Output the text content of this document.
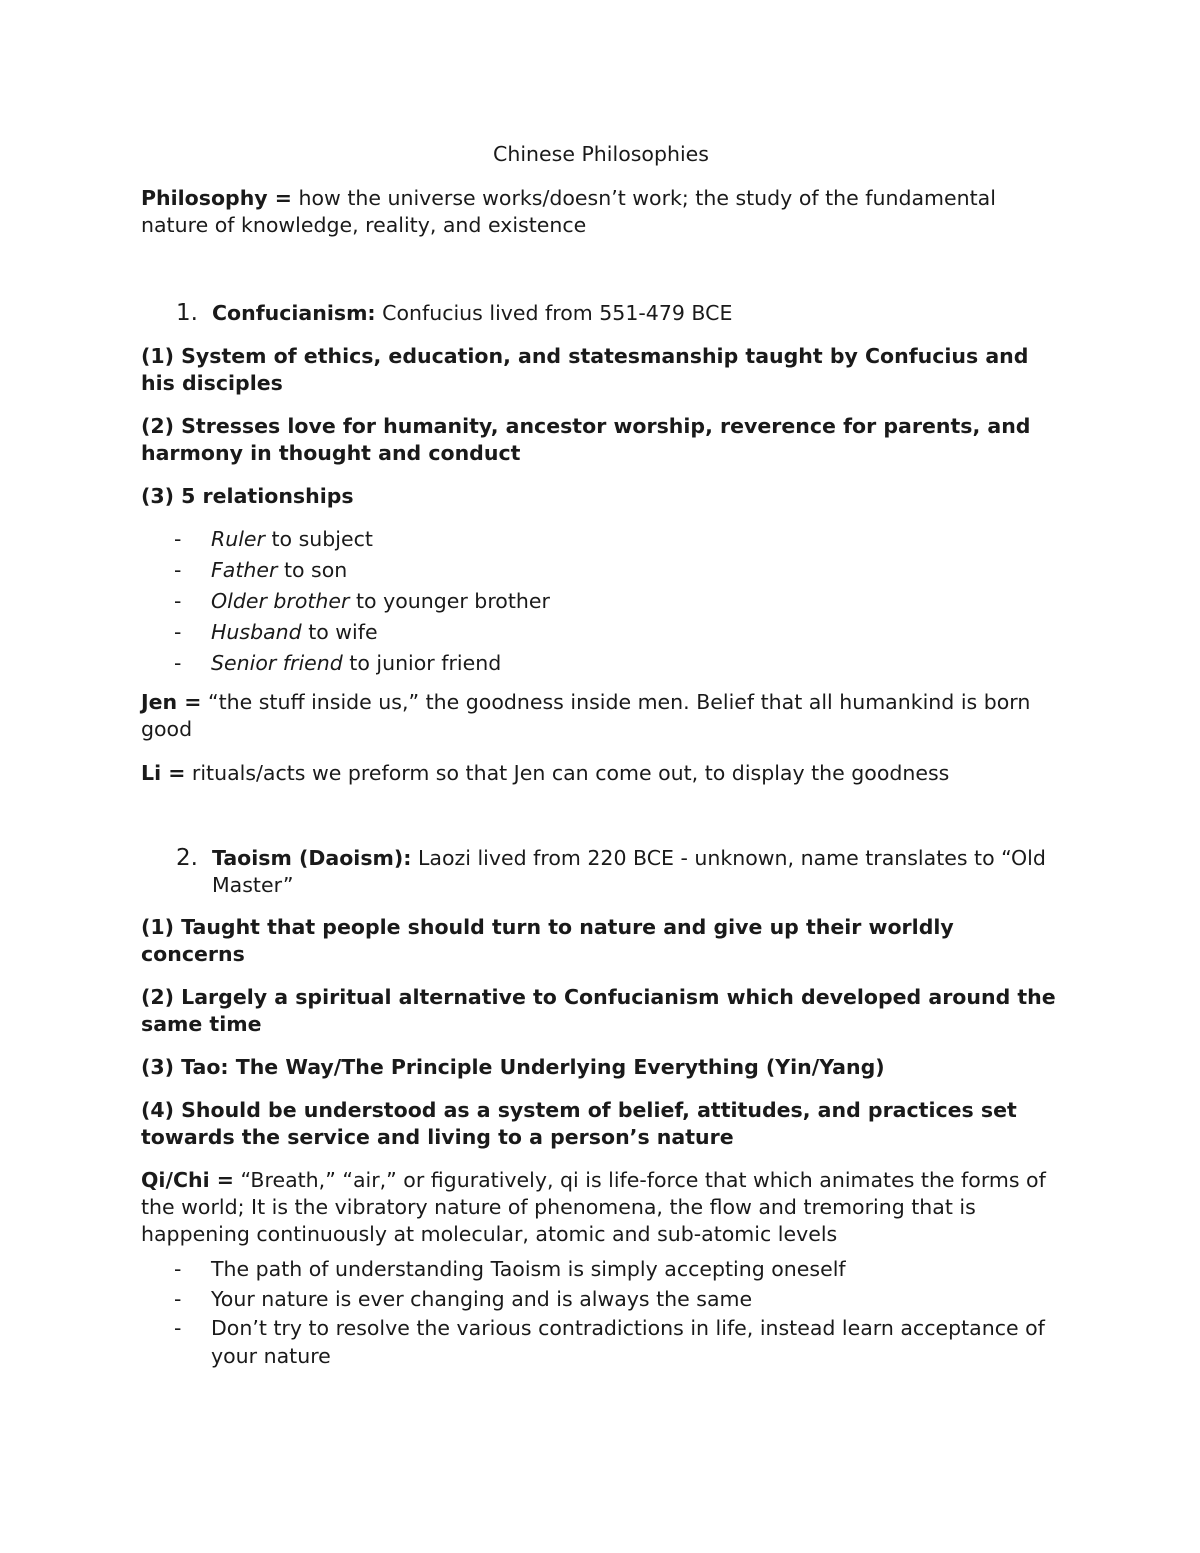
Chinese Philosophies

Philosophy = how the universe works/doesn’t work; the study of the fundamental nature of knowledge, reality, and existence

1. Confucianism: Confucius lived from 551-479 BCE

(1) System of ethics, education, and statesmanship taught by Confucius and his disciples

(2) Stresses love for humanity, ancestor worship, reverence for parents, and harmony in thought and conduct

(3) 5 relationships

- Ruler to subject
- Father to son
- Older brother to younger brother
- Husband to wife
- Senior friend to junior friend

Jen = “the stuff inside us,” the goodness inside men. Belief that all humankind is born good

Li = rituals/acts we preform so that Jen can come out, to display the goodness

2. Taoism (Daoism): Laozi lived from 220 BCE - unknown, name translates to “Old Master”

(1) Taught that people should turn to nature and give up their worldly concerns

(2) Largely a spiritual alternative to Confucianism which developed around the same time

(3) Tao: The Way/The Principle Underlying Everything (Yin/Yang)

(4) Should be understood as a system of belief, attitudes, and practices set towards the service and living to a person’s nature

Qi/Chi = “Breath,” “air,” or figuratively, qi is life-force that which animates the forms of the world; It is the vibratory nature of phenomena, the flow and tremoring that is happening continuously at molecular, atomic and sub-atomic levels

- The path of understanding Taoism is simply accepting oneself
- Your nature is ever changing and is always the same
- Don’t try to resolve the various contradictions in life, instead learn acceptance of your nature
